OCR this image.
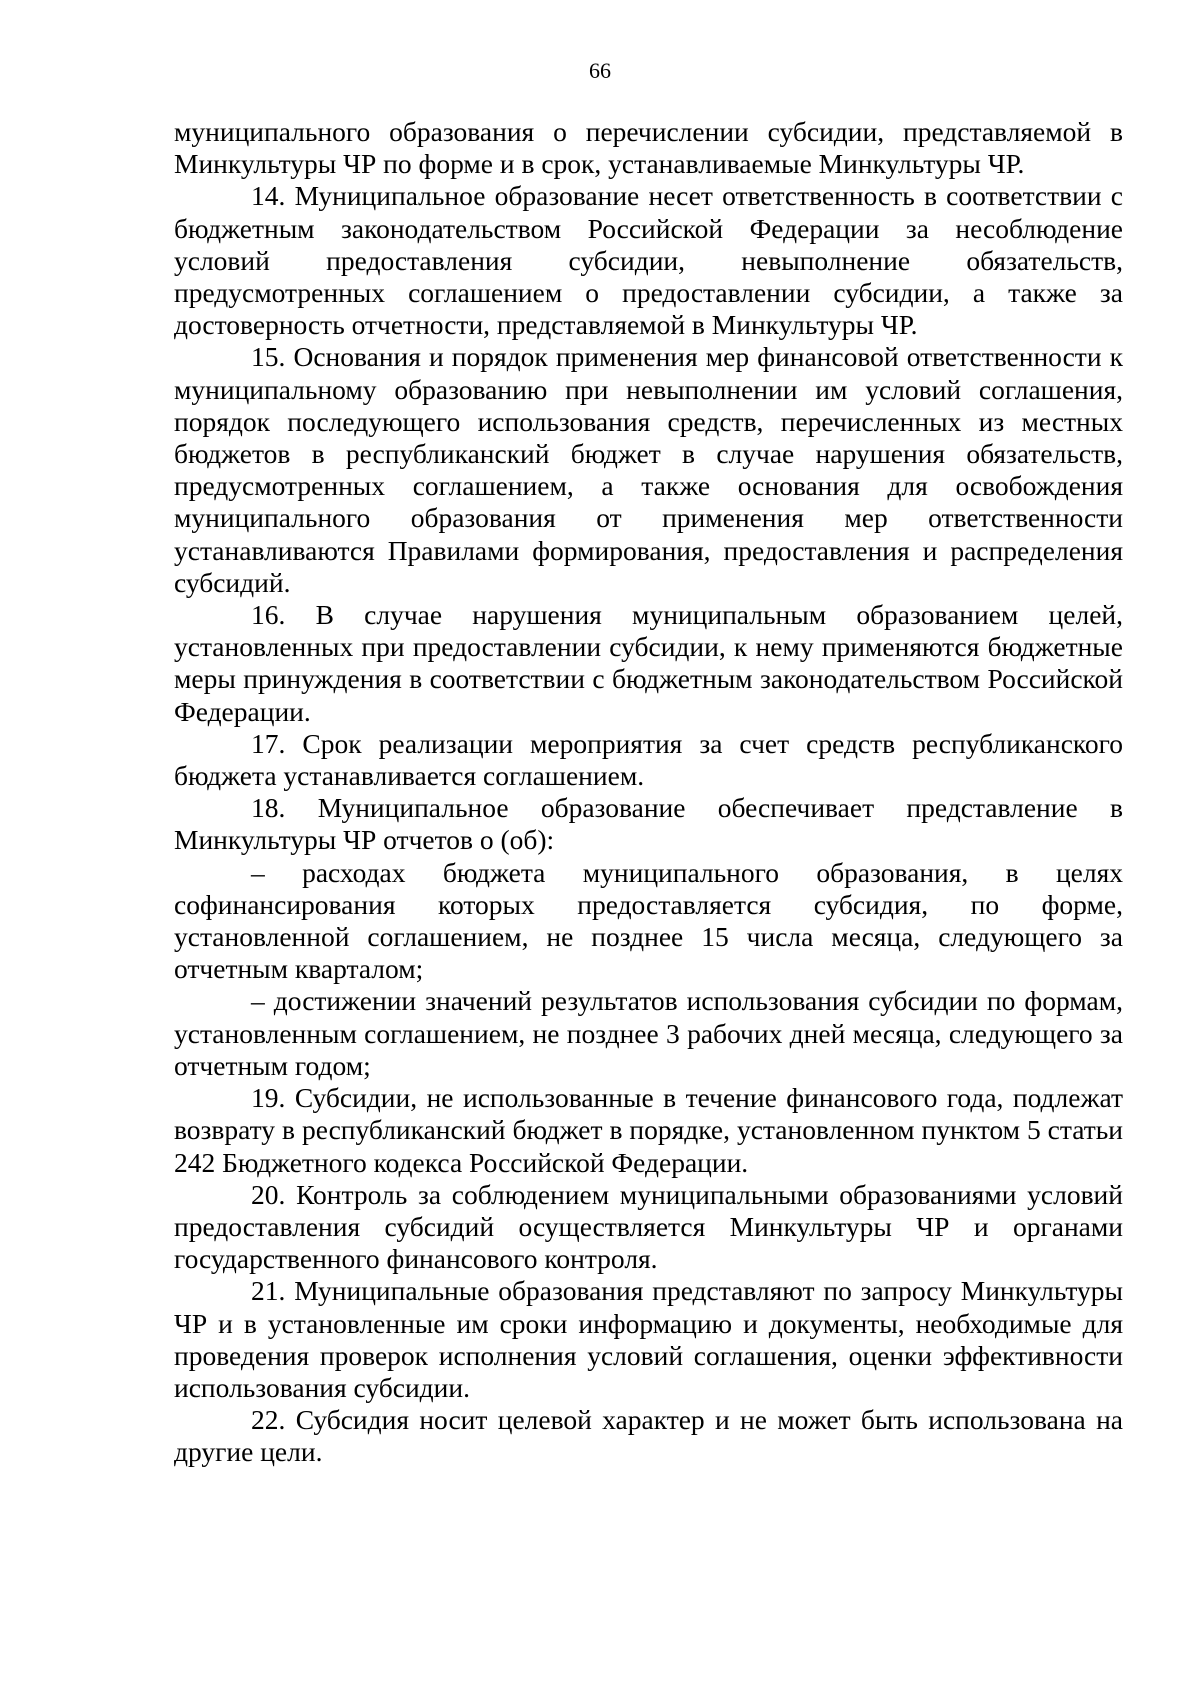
66

муниципального образования о перечислении субсидии, представляемой в Минкультуры ЧР по форме и в срок, устанавливаемые Минкультуры ЧР.

14. Муниципальное образование несет ответственность в соответствии с бюджетным законодательством Российской Федерации за несоблюдение условий предоставления субсидии, невыполнение обязательств, предусмотренных соглашением о предоставлении субсидии, а также за достоверность отчетности, представляемой в Минкультуры ЧР.

15. Основания и порядок применения мер финансовой ответственности к муниципальному образованию при невыполнении им условий соглашения, порядок последующего использования средств, перечисленных из местных бюджетов в республиканский бюджет в случае нарушения обязательств, предусмотренных соглашением, а также основания для освобождения муниципального образования от применения мер ответственности устанавливаются Правилами формирования, предоставления и распределения субсидий.

16. В случае нарушения муниципальным образованием целей, установленных при предоставлении субсидии, к нему применяются бюджетные меры принуждения в соответствии с бюджетным законодательством Российской Федерации.

17. Срок реализации мероприятия за счет средств республиканского бюджета устанавливается соглашением.

18. Муниципальное образование обеспечивает представление в Минкультуры ЧР отчетов о (об):

– расходах бюджета муниципального образования, в целях софинансирования которых предоставляется субсидия, по форме, установленной соглашением, не позднее 15 числа месяца, следующего за отчетным кварталом;

– достижении значений результатов использования субсидии по формам, установленным соглашением, не позднее 3 рабочих дней месяца, следующего за отчетным годом;

19. Субсидии, не использованные в течение финансового года, подлежат возврату в республиканский бюджет в порядке, установленном пунктом 5 статьи 242 Бюджетного кодекса Российской Федерации.

20. Контроль за соблюдением муниципальными образованиями условий предоставления субсидий осуществляется Минкультуры ЧР и органами государственного финансового контроля.

21. Муниципальные образования представляют по запросу Минкультуры ЧР и в установленные им сроки информацию и документы, необходимые для проведения проверок исполнения условий соглашения, оценки эффективности использования субсидии.

22. Субсидия носит целевой характер и не может быть использована на другие цели.
